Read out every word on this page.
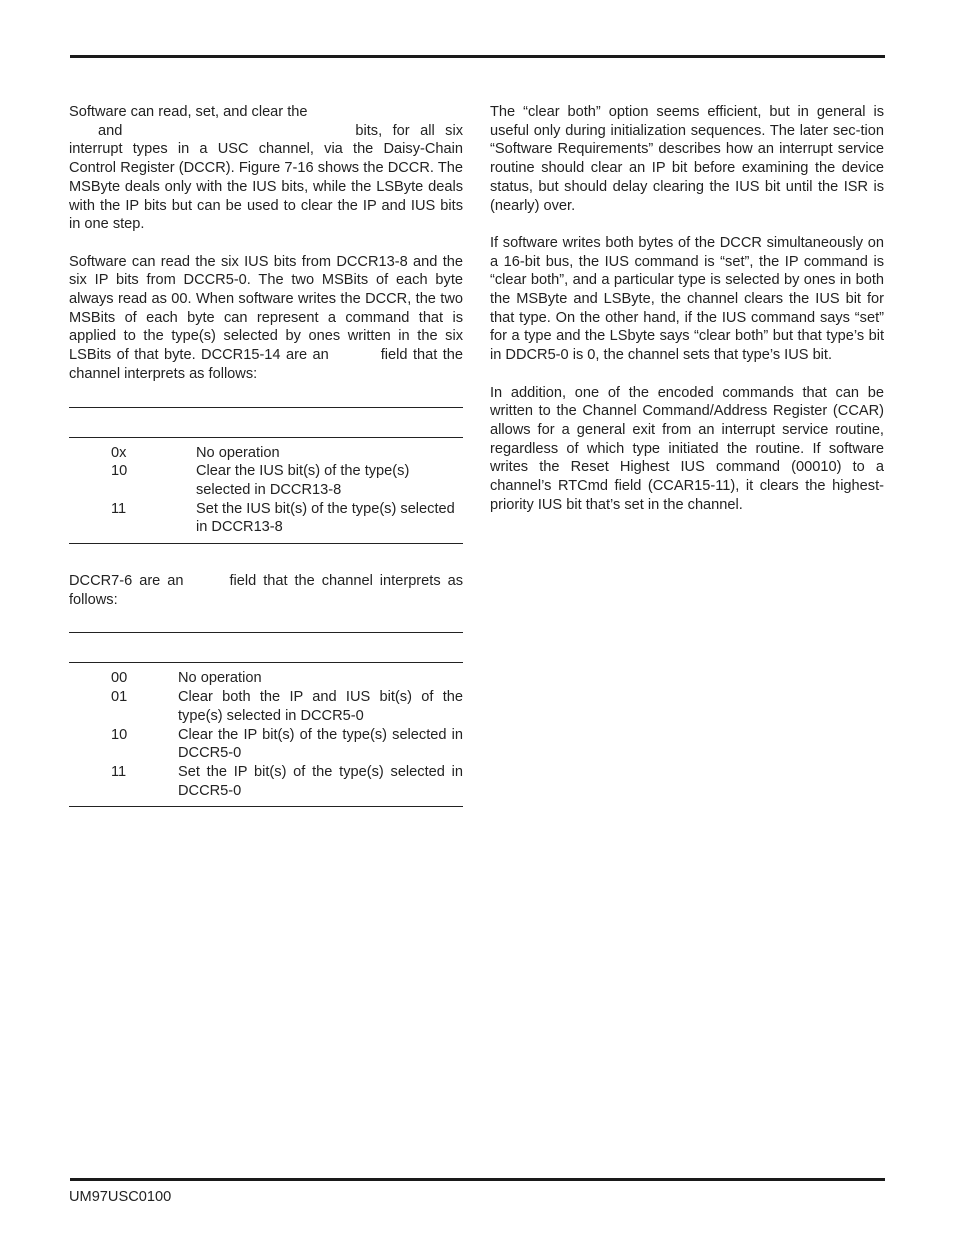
Software can read, set, and clear the
and	bits, for all six interrupt types in a USC channel, via the Daisy-Chain Control Register (DCCR). Figure 7-16 shows the DCCR. The MSByte deals only with the IUS bits, while the LSByte deals with the IP bits but can be used to clear the IP and IUS bits in one step.

Software can read the six IUS bits from DCCR13-8 and the six IP bits from DCCR5-0. The two MSBits of each byte always read as 00. When software writes the DCCR, the two MSBits of each byte can represent a command that is applied to the type(s) selected by ones written in the six LSBits of that byte. DCCR15-14 are an	field that the channel interprets as follows:

0x	No operation
10	Clear the IUS bit(s) of the type(s) selected in DCCR13-8
11	Set the IUS bit(s) of the type(s) selected in DCCR13-8

DCCR7-6 are an	field that the channel interprets as follows:

00	No operation
01	Clear both the IP and IUS bit(s) of the type(s) selected in DCCR5-0
10	Clear the IP bit(s) of the type(s) selected in DCCR5-0
11	Set the IP bit(s) of the type(s) selected in DCCR5-0

The “clear both” option seems efficient, but in general is useful only during initialization sequences. The later sec-tion “Software Requirements” describes how an interrupt service routine should clear an IP bit before examining the device status, but should delay clearing the IUS bit until the ISR is (nearly) over.

If software writes both bytes of the DCCR simultaneously on a 16-bit bus, the IUS command is “set”, the IP command is “clear both”, and a particular type is selected by ones in both the MSByte and LSByte, the channel clears the IUS bit for that type. On the other hand, if the IUS command says “set” for a type and the LSbyte says “clear both” but that type’s bit in DDCR5-0 is 0, the channel sets that type’s IUS bit.

In addition, one of the encoded commands that can be written to the Channel Command/Address Register (CCAR) allows for a general exit from an interrupt service routine, regardless of which type initiated the routine. If software writes the Reset Highest IUS command (00010) to a channel’s RTCmd field (CCAR15-11), it clears the highest-priority IUS bit that’s set in the channel.

UM97USC0100
